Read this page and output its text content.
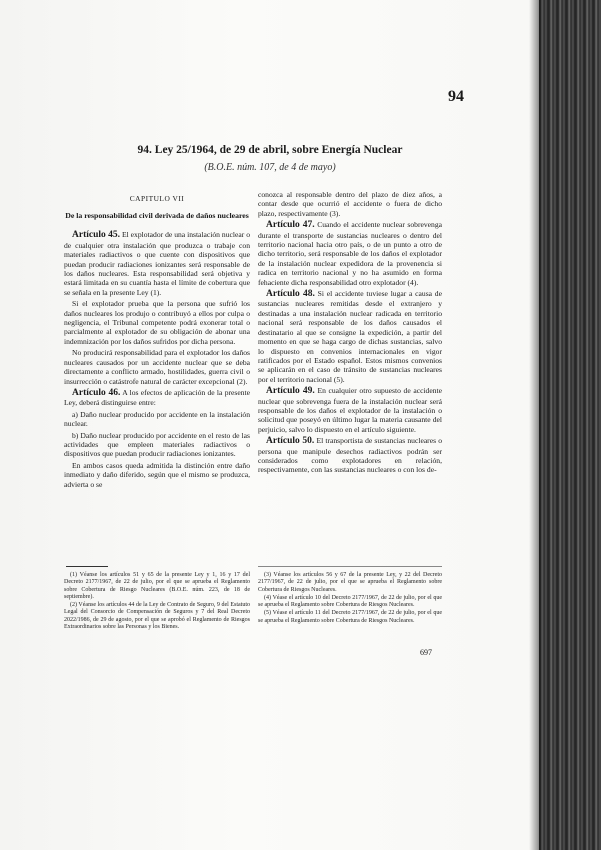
94
94. Ley 25/1964, de 29 de abril, sobre Energía Nuclear
(B.O.E. núm. 107, de 4 de mayo)
CAPITULO VII
De la responsabilidad civil derivada de daños nucleares

Artículo 45. El explotador de una instalación nuclear o de cualquier otra instalación que produzca o trabaje con materiales radiactivos o que cuente con dispositivos que puedan producir radiaciones ionizantes será responsable de los daños nucleares. Esta responsabilidad será objetiva y estará limitada en su cuantía hasta el límite de cobertura que se señala en la presente Ley (1).

Si el explotador prueba que la persona que sufrió los daños nucleares los produjo o contribuyó a ellos por culpa o negligencia, el Tribunal competente podrá exonerar total o parcialmente al explotador de su obligación de abonar una indemnización por los daños sufridos por dicha persona.

No producirá responsabilidad para el explotador los daños nucleares causados por un accidente nuclear que se deba directamente a conflicto armado, hostilidades, guerra civil o insurrección o catástrofe natural de carácter excepcional (2).

Artículo 46. A los efectos de aplicación de la presente Ley, deberá distinguirse entre:

a) Daño nuclear producido por accidente en la instalación nuclear.

b) Daño nuclear producido por accidente en el resto de las actividades que empleen materiales radiactivos o dispositivos que puedan producir radiaciones ionizantes.

En ambos casos queda admitida la distinción entre daño inmediato y daño diferido, según que el mismo se produzca, advierta o se

conozca al responsable dentro del plazo de diez años, a contar desde que ocurrió el accidente o fuera de dicho plazo, respectivamente (3).

Artículo 47. Cuando el accidente nuclear sobrevenga durante el transporte de sustancias nucleares o dentro del territorio nacional hacia otro país, o de un punto a otro de dicho territorio, será responsable de los daños el explotador de la instalación nuclear expedidora de la provenencia si radica en territorio nacional y no ha asumido en forma fehaciente dicha responsabilidad otro explotador (4).

Artículo 48. Si el accidente tuviese lugar a causa de sustancias nucleares remitidas desde el extranjero y destinadas a una instalación nuclear radicada en territorio nacional será responsable de los daños causados el destinatario al que se consigne la expedición, a partir del momento en que se haga cargo de dichas sustancias, salvo lo dispuesto en convenios internacionales en vigor ratificados por el Estado español. Estos mismos convenios se aplicarán en el caso de tránsito de sustancias nucleares por el territorio nacional (5).

Artículo 49. En cualquier otro supuesto de accidente nuclear que sobrevenga fuera de la instalación nuclear será responsable de los daños el explotador de la instalación o solicitud que poseyó en último lugar la materia causante del perjuicio, salvo lo dispuesto en el artículo siguiente.

Artículo 50. El transportista de sustancias nucleares o persona que manipule desechos radiactivos podrán ser considerados como explotadores en relación, respectivamente, con las sustancias nucleares o con los de-

(1) Véanse los artículos 51 y 65 de la presente Ley y 1, 16 y 17 del Decreto 2177/1967, de 22 de julio, por el que se aprueba el Reglamento sobre Cobertura de Riesgo Nucleares (B.O.E. núm. 223, de 18 de septiembre).

(2) Véanse los artículos 44 de la Ley de Contrato de Seguro, 9 del Estatuto Legal del Consorcio de Compensación de Seguros y 7 del Real Decreto 2022/1986, de 29 de agosto, por el que se aprobó el Reglamento de Riesgos Extraordinarios sobre las Personas y los Bienes.

(3) Véanse los artículos 56 y 67 de la presente Ley, y 22 del Decreto 2177/1967, de 22 de julio, por el que se aprueba el Reglamento sobre Cobertura de Riesgos Nucleares.

(4) Véase el artículo 10 del Decreto 2177/1967, de 22 de julio, por el que se aprueba el Reglamento sobre Cobertura de Riesgos Nucleares.

(5) Véase el artículo 11 del Decreto 2177/1967, de 22 de julio, por el que se aprueba el Reglamento sobre Cobertura de Riesgos Nucleares.

697
